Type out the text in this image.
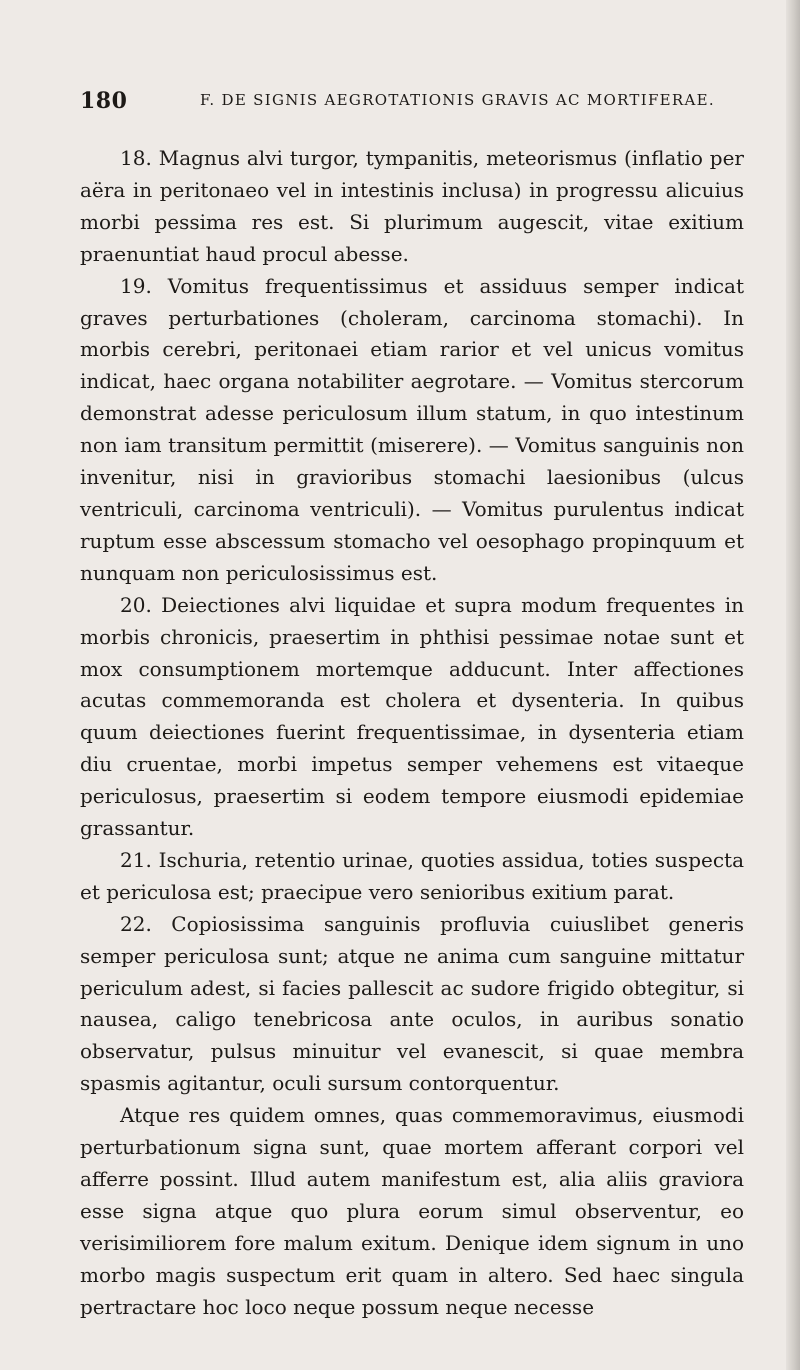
180	F. DE SIGNIS AEGROTATIONIS GRAVIS AC MORTIFERAE.

18. Magnus alvi turgor, tympanitis, meteorismus (inflatio per aëra in peritonaeo vel in intestinis inclusa) in progressu alicuius morbi pessima res est. Si plurimum augescit, vitae exitium praenuntiat haud procul abesse.

19. Vomitus frequentissimus et assiduus semper indicat graves perturbationes (choleram, carcinoma stomachi). In morbis cerebri, peritonaei etiam rarior et vel unicus vomitus indicat, haec organa notabiliter aegrotare. — Vomitus stercorum demonstrat adesse periculosum illum statum, in quo intestinum non iam transitum permittit (miserere). — Vomitus sanguinis non invenitur, nisi in gravioribus stomachi laesionibus (ulcus ventriculi, carcinoma ventriculi). — Vomitus purulentus indicat ruptum esse abscessum stomacho vel oesophago propinquum et nunquam non periculosissimus est.

20. Deiectiones alvi liquidae et supra modum frequentes in morbis chronicis, praesertim in phthisi pessimae notae sunt et mox consumptionem mortemque adducunt. Inter affectiones acutas commemoranda est cholera et dysenteria. In quibus quum deiectiones fuerint frequentissimae, in dysenteria etiam diu cruentae, morbi impetus semper vehemens est vitaeque periculosus, praesertim si eodem tempore eiusmodi epidemiae grassantur.

21. Ischuria, retentio urinae, quoties assidua, toties suspecta et periculosa est; praecipue vero senioribus exitium parat.

22. Copiosissima sanguinis profluvia cuiuslibet generis semper periculosa sunt; atque ne anima cum sanguine mittatur periculum adest, si facies pallescit ac sudore frigido obtegitur, si nausea, caligo tenebricosa ante oculos, in auribus sonatio observatur, pulsus minuitur vel evanescit, si quae membra spasmis agitantur, oculi sursum contorquentur.

Atque res quidem omnes, quas commemoravimus, eiusmodi perturbationum signa sunt, quae mortem afferant corpori vel afferre possint. Illud autem manifestum est, alia aliis graviora esse signa atque quo plura eorum simul observentur, eo verisimiliorem fore malum exitum. Denique idem signum in uno morbo magis suspectum erit quam in altero. Sed haec singula pertractare hoc loco neque possum neque necesse
